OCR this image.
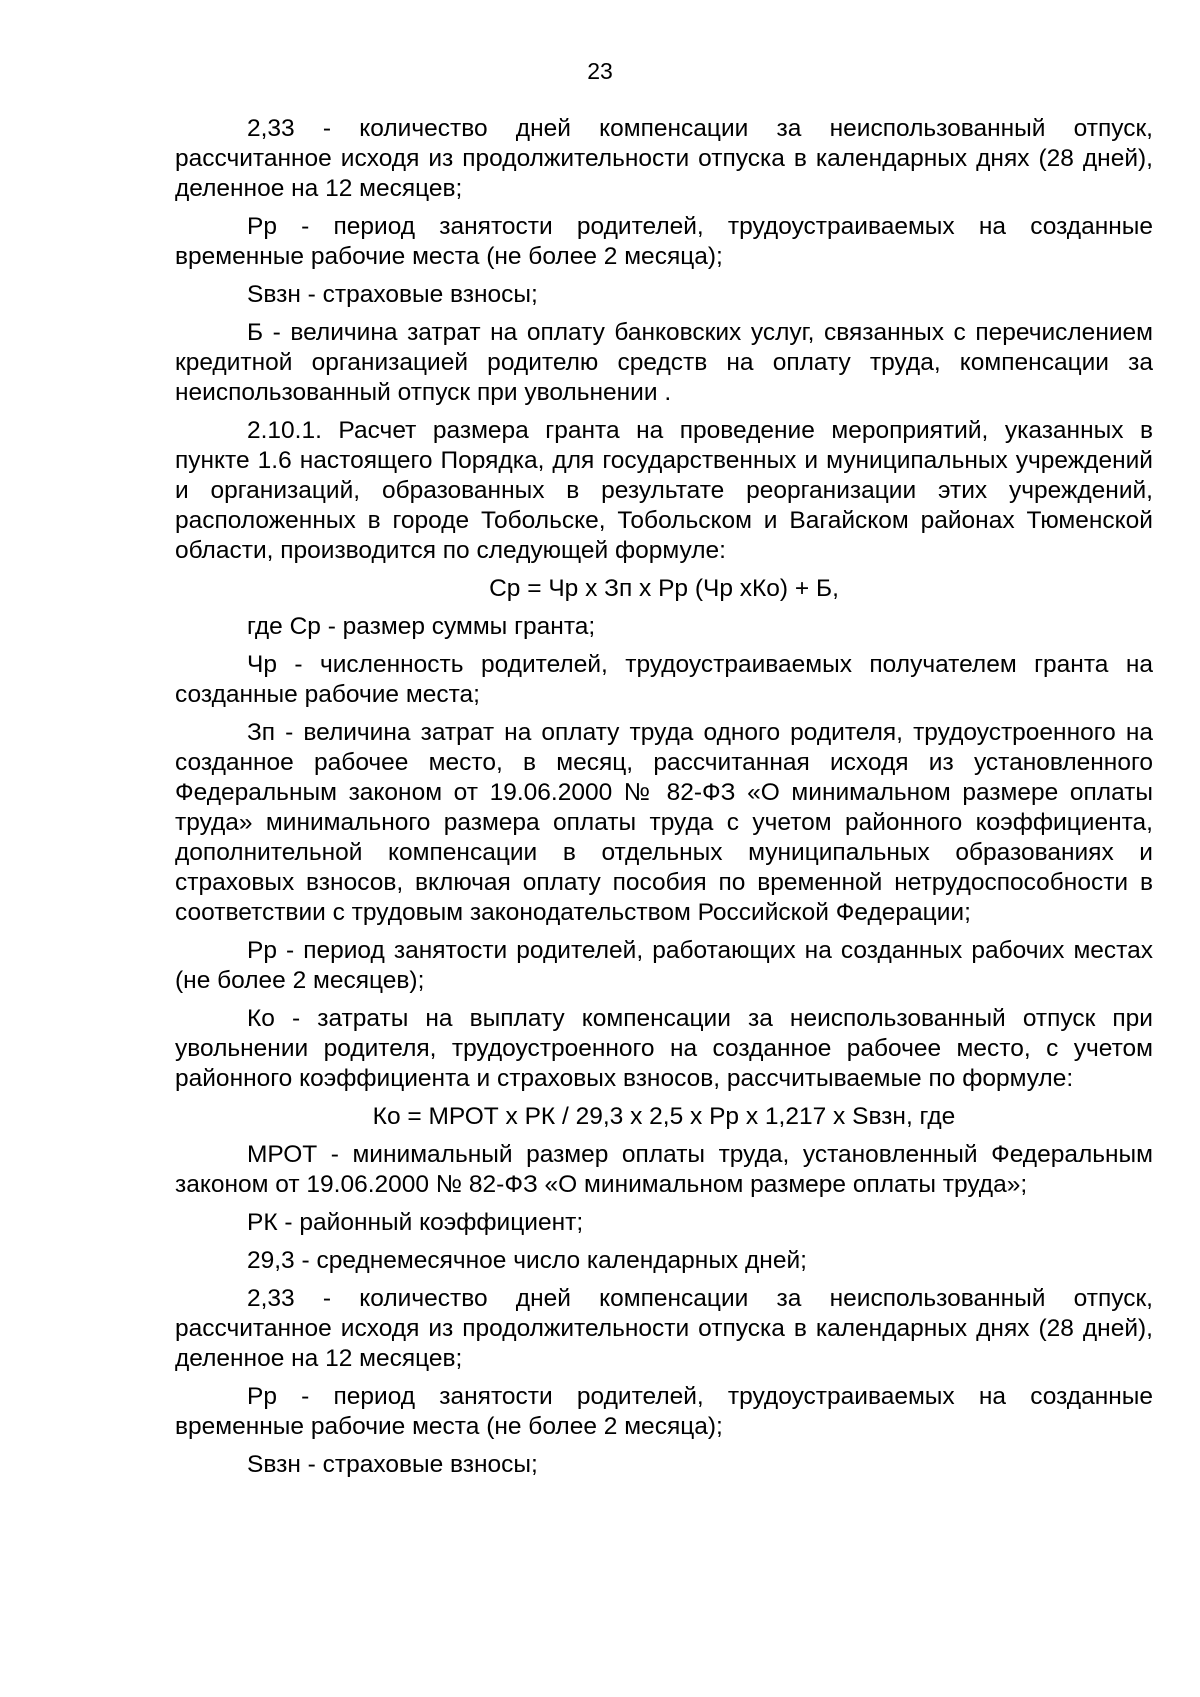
23

2,33 - количество дней компенсации за неиспользованный отпуск, рассчитанное исходя из продолжительности отпуска в календарных днях (28 дней), деленное на 12 месяцев;

Рр - период занятости родителей, трудоустраиваемых на созданные временные рабочие места (не более 2 месяца);

Sвзн - страховые взносы;

Б - величина затрат на оплату банковских услуг, связанных с перечислением кредитной организацией родителю средств на оплату труда, компенсации за неиспользованный отпуск при увольнении .

2.10.1. Расчет размера гранта на проведение мероприятий, указанных в пункте 1.6 настоящего Порядка, для государственных и муниципальных учреждений и организаций, образованных в результате реорганизации этих учреждений, расположенных в городе Тобольске, Тобольском и Вагайском районах Тюменской области, производится по следующей формуле:

Ср = Чр х Зп х Рр (Чр хКо) + Б,

где Ср - размер суммы гранта;

Чр - численность родителей, трудоустраиваемых получателем гранта на созданные рабочие места;

Зп - величина затрат на оплату труда одного родителя, трудоустроенного на созданное рабочее место, в месяц, рассчитанная исходя из установленного Федеральным законом от 19.06.2000 № 82-ФЗ «О минимальном размере оплаты труда» минимального размера оплаты труда с учетом районного коэффициента, дополнительной компенсации в отдельных муниципальных образованиях и страховых взносов, включая оплату пособия по временной нетрудоспособности в соответствии с трудовым законодательством Российской Федерации;

Рр - период занятости родителей, работающих на созданных рабочих местах (не более 2 месяцев);

Ко - затраты на выплату компенсации за неиспользованный отпуск при увольнении родителя, трудоустроенного на созданное рабочее место, с учетом районного коэффициента и страховых взносов, рассчитываемые по формуле:

Ко = МРОТ х РК / 29,3 х 2,5 х Рр х 1,217 х Sвзн, где

МРОТ - минимальный размер оплаты труда, установленный Федеральным законом от 19.06.2000 № 82-ФЗ «О минимальном размере оплаты труда»;

РК - районный коэффициент;

29,3 - среднемесячное число календарных дней;

2,33 - количество дней компенсации за неиспользованный отпуск, рассчитанное исходя из продолжительности отпуска в календарных днях (28 дней), деленное на 12 месяцев;

Рр - период занятости родителей, трудоустраиваемых на созданные временные рабочие места (не более 2 месяца);

Sвзн - страховые взносы;
